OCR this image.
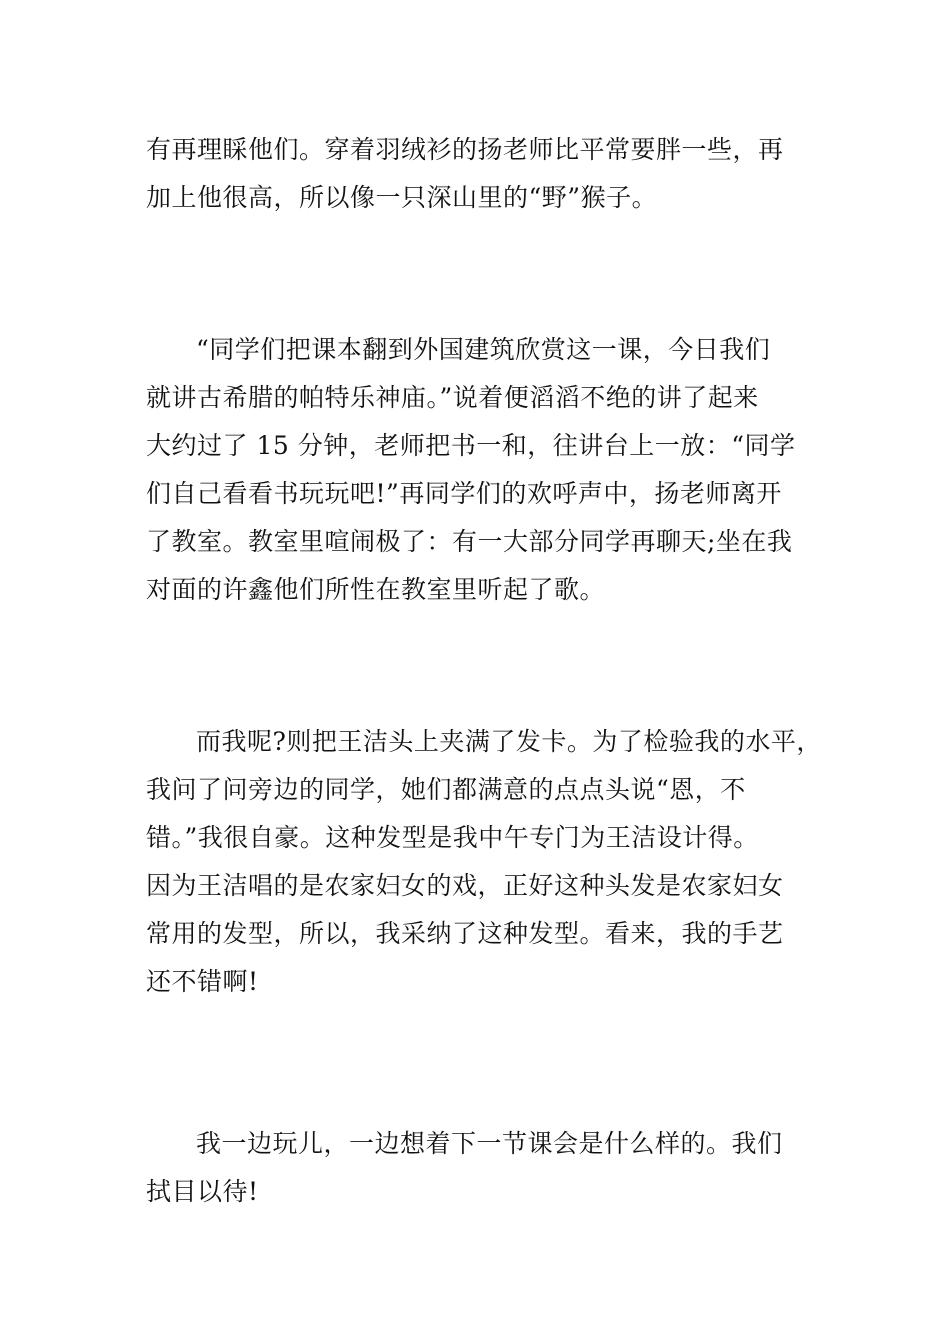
有再理睬他们。穿着羽绒衫的扬老师比平常要胖一些，再
加上他很高，所以像一只深山里的“野”猴子。
“同学们把课本翻到外国建筑欣赏这一课，今日我们
就讲古希腊的帕特乐神庙。”说着便滔滔不绝的讲了起来
大约过了 15 分钟，老师把书一和，往讲台上一放：“同学
们自己看看书玩玩吧!”再同学们的欢呼声中，扬老师离开
了教室。教室里喧闹极了：有一大部分同学再聊天;坐在我
对面的许鑫他们所性在教室里听起了歌。
而我呢?则把王洁头上夹满了发卡。为了检验我的水平，
我问了问旁边的同学，她们都满意的点点头说“恩，不
错。”我很自豪。这种发型是我中午专门为王洁设计得。
因为王洁唱的是农家妇女的戏，正好这种头发是农家妇女
常用的发型，所以，我采纳了这种发型。看来，我的手艺
还不错啊!
我一边玩儿，一边想着下一节课会是什么样的。我们
拭目以待!
